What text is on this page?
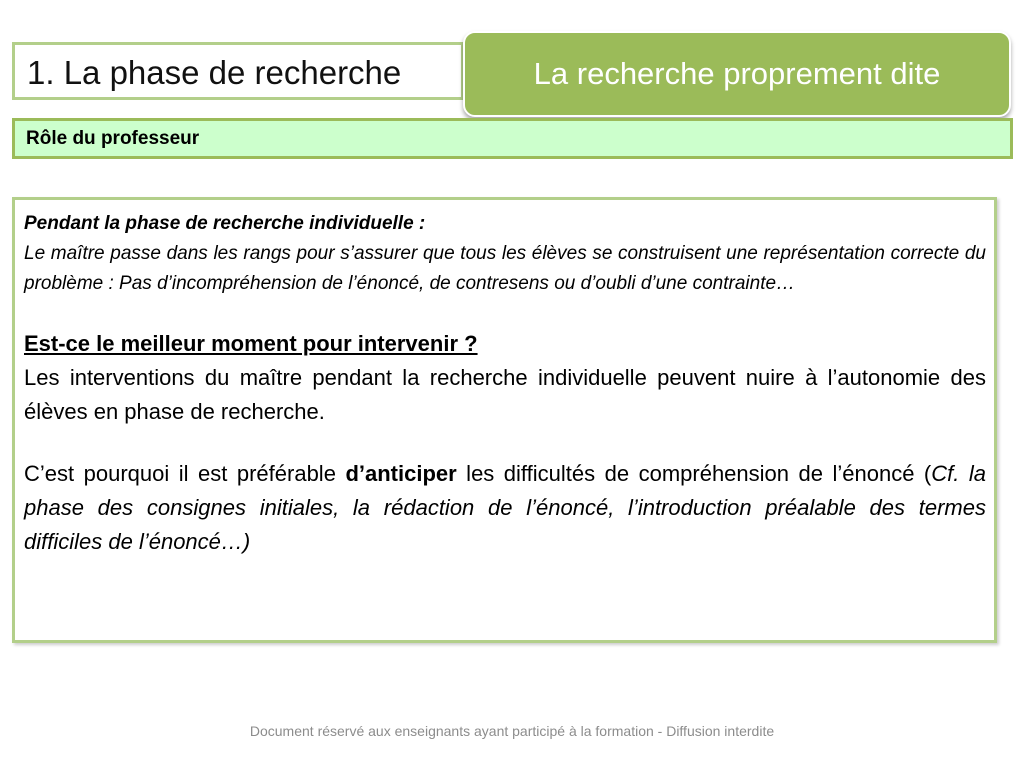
1. La phase de recherche	La recherche proprement dite
Rôle du professeur
Pendant la phase de recherche individuelle :
Le maître passe dans les rangs pour s’assurer que tous les élèves se construisent une représentation correcte du problème : Pas d’incompréhension de l’énoncé, de contresens ou d’oubli d’une contrainte…
Est-ce le meilleur moment pour intervenir ?
Les interventions du maître pendant la recherche individuelle peuvent nuire à l’autonomie des élèves en phase de recherche.
C’est pourquoi il est préférable d’anticiper les difficultés de compréhension de l’énoncé (Cf. la phase des consignes initiales, la rédaction de l’énoncé, l’introduction préalable des termes difficiles de l’énoncé…)
Document réservé aux enseignants ayant participé à la formation - Diffusion interdite
